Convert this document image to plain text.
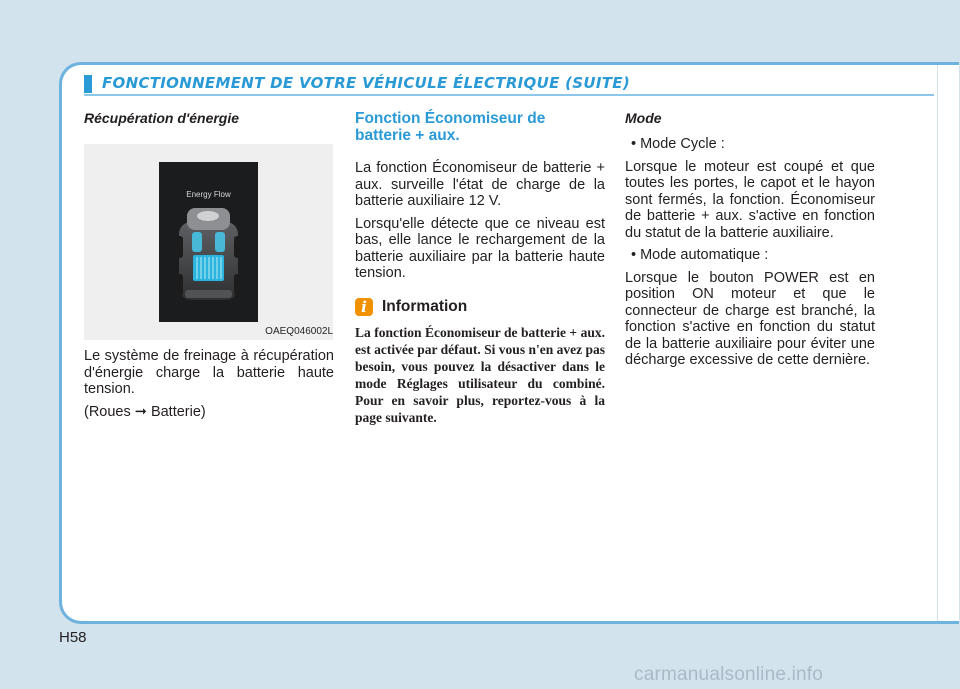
FONCTIONNEMENT DE VOTRE VÉHICULE ÉLECTRIQUE (SUITE)
Récupération d'énergie
Energy Flow
OAEQ046002L

Le système de freinage à récupération d'énergie charge la batterie haute tension.

(Roues ➞ Batterie)

Fonction Économiseur de batterie + aux.

La fonction Économiseur de batterie + aux. surveille l'état de charge de la batterie auxiliaire 12 V.

Lorsqu'elle détecte que ce niveau est bas, elle lance le rechargement de la batterie auxiliaire par la batterie haute tension.

i Information

La fonction Économiseur de batterie + aux. est activée par défaut. Si vous n'en avez pas besoin, vous pouvez la désactiver dans le mode Réglages utilisateur du combiné. Pour en savoir plus, reportez-vous à la page suivante.

Mode
• Mode Cycle :

Lorsque le moteur est coupé et que toutes les portes, le capot et le hayon sont fermés, la fonction. Économiseur de batterie + aux. s'active en fonction du statut de la batterie auxiliaire.

• Mode automatique :

Lorsque le bouton POWER est en position ON moteur et que le connecteur de charge est branché, la fonction s'active en fonction du statut de la batterie auxiliaire pour éviter une décharge excessive de cette dernière.

H58
carmanualsonline.info
